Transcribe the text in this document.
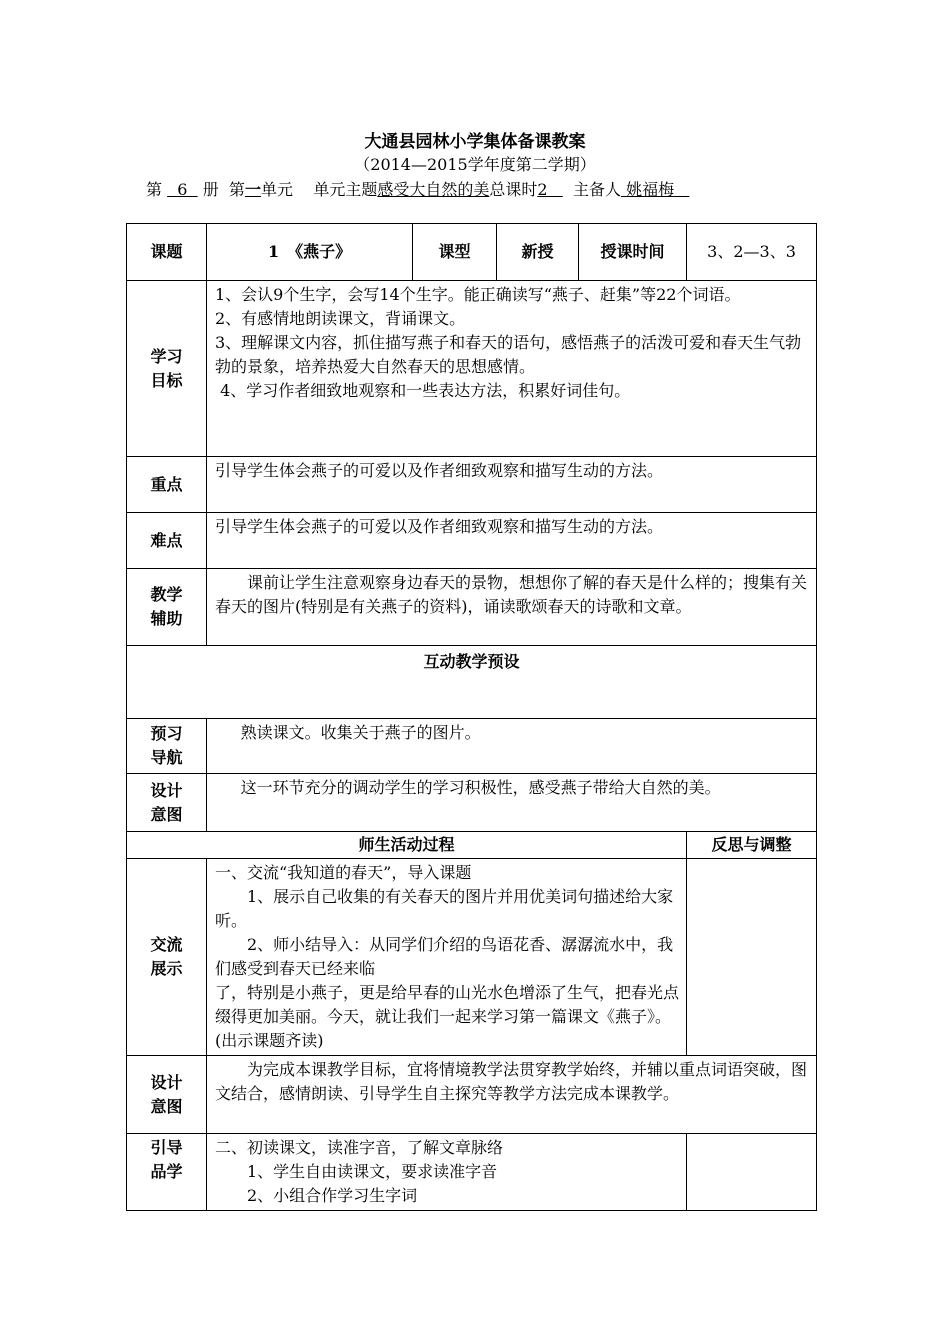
大通县园林小学集体备课教案
（2014—2015学年度第二学期）
第 6 册 第一单元 单元主题感受大自然的美总课时2 主备人 姚福梅
课题	1　《燕子》	课型	新授	授课时间	3、2—3、3

学习目标	1、会认9个生字，会写14个生字。能正确读写“燕子、赶集”等22个词语。

2、有感情地朗读课文，背诵课文。

3、理解课文内容，抓住描写燕子和春天的语句，感悟燕子的活泼可爱和春天生气勃

勃的景象，培养热爱大自然春天的思想感情。

4、学习作者细致地观察和一些表达方法，积累好词佳句。				

重点	引导学生体会燕子的可爱以及作者细致观察和描写生动的方法。				
难点	引导学生体会燕子的可爱以及作者细致观察和描写生动的方法。				

教学辅助	课前让学生注意观察身边春天的景物，想想你了解的春天是什么样的；搜集有关春天的图片(特别是有关燕子的资料)，诵读歌颂春天的诗歌和文章。				

互动教学预设					

预习导航	熟读课文。收集关于燕子的图片。				

设计意图	这一环节充分的调动学生的学习积极性，感受燕子带给大自然的美。				

师生活动过程					反思与调整

交流展示	一、交流“我知道的春天”，导入课题

1、展示自己收集的有关春天的图片并用优美词句描述给大家听。

2、师小结导入：从同学们介绍的鸟语花香、潺潺流水中，我们感受到春天已经来临

了，特别是小燕子，更是给早春的山光水色增添了生气，把春光点缀得更加美丽。今天，就让我们一起来学习第一篇课文《燕子》。(出示课题齐读)				

设计意图	为完成本课教学目标，宜将情境教学法贯穿教学始终，并辅以重点词语突破，图文结合，感情朗读、引导学生自主探究等教学方法完成本课教学。				

引导品学	二、初读课文，读准字音，了解文章脉络

1、学生自由读课文，要求读准字音

2、小组合作学习生字词				
